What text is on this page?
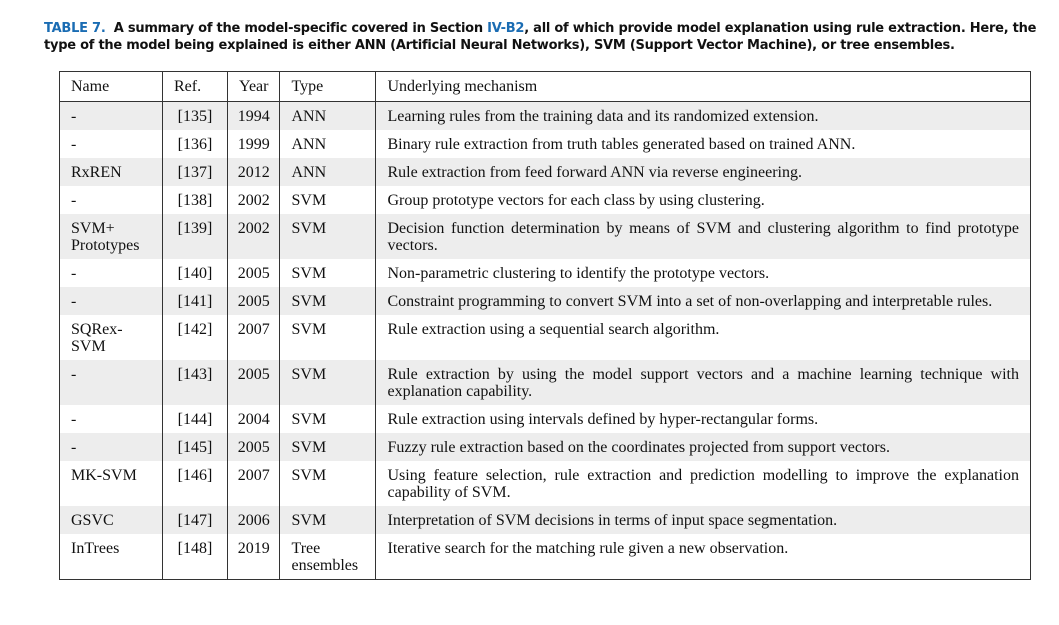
TABLE 7. A summary of the model-specific covered in Section IV-B2, all of which provide model explanation using rule extraction. Here, the type of the model being explained is either ANN (Artificial Neural Networks), SVM (Support Vector Machine), or tree ensembles.
Name	Ref.	Year	Type	Underlying mechanism
-	[135]	1994	ANN	Learning rules from the training data and its randomized extension.
-	[136]	1999	ANN	Binary rule extraction from truth tables generated based on trained ANN.
RxREN	[137]	2012	ANN	Rule extraction from feed forward ANN via reverse engineering.
-	[138]	2002	SVM	Group prototype vectors for each class by using clustering.
SVM+ Prototypes	[139]	2002	SVM	Decision function determination by means of SVM and clustering algorithm to find prototype vectors.
-	[140]	2005	SVM	Non-parametric clustering to identify the prototype vectors.
-	[141]	2005	SVM	Constraint programming to convert SVM into a set of non-overlapping and interpretable rules.
SQRex-SVM	[142]	2007	SVM	Rule extraction using a sequential search algorithm.
-	[143]	2005	SVM	Rule extraction by using the model support vectors and a machine learning technique with explanation capability.
-	[144]	2004	SVM	Rule extraction using intervals defined by hyper-rectangular forms.
-	[145]	2005	SVM	Fuzzy rule extraction based on the coordinates projected from support vectors.
MK-SVM	[146]	2007	SVM	Using feature selection, rule extraction and prediction modelling to improve the explanation capability of SVM.
GSVC	[147]	2006	SVM	Interpretation of SVM decisions in terms of input space segmentation.
InTrees	[148]	2019	Tree ensembles	Iterative search for the matching rule given a new observation.
